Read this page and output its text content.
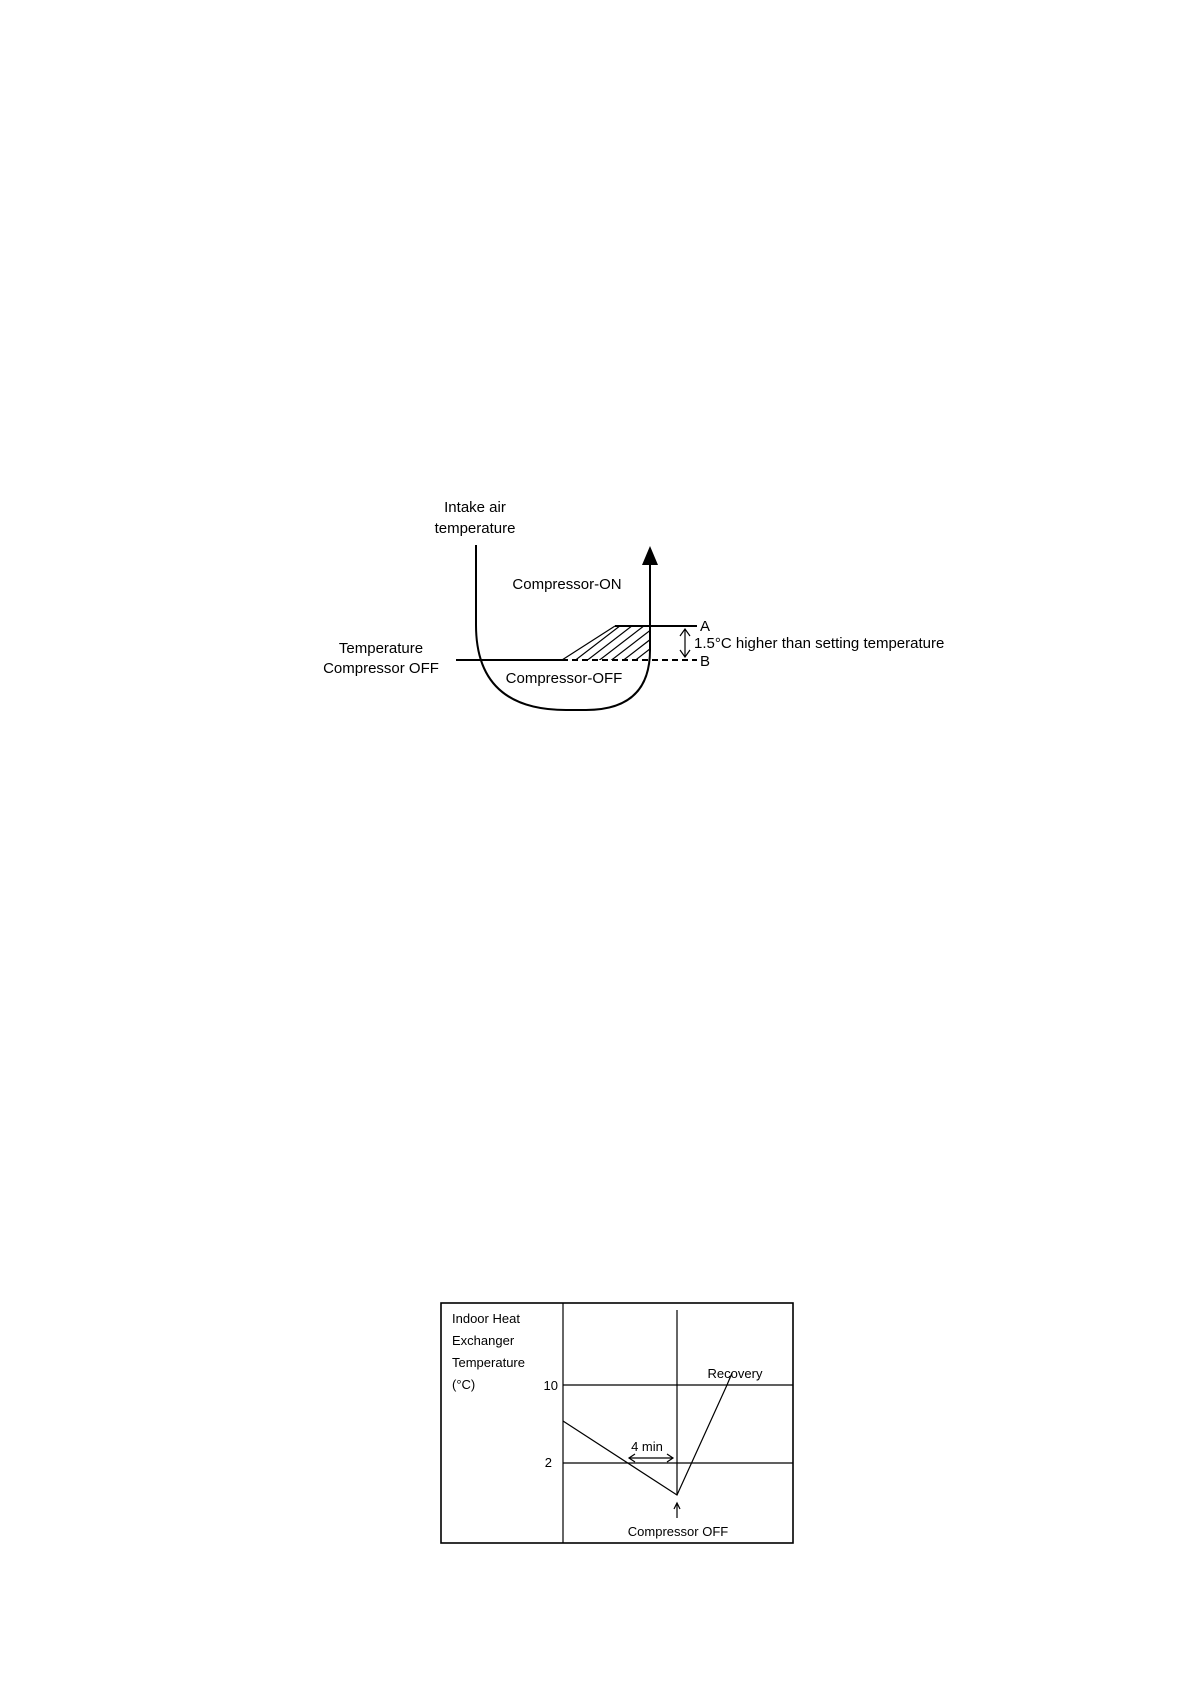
Intake air
temperature
Compressor-ON
A
B
1.5°C higher than setting temperature
Temperature
Compressor OFF
Compressor-OFF
Indoor Heat
Exchanger
Temperature
(°C)	10
2
4 min
Recovery
Compressor OFF
